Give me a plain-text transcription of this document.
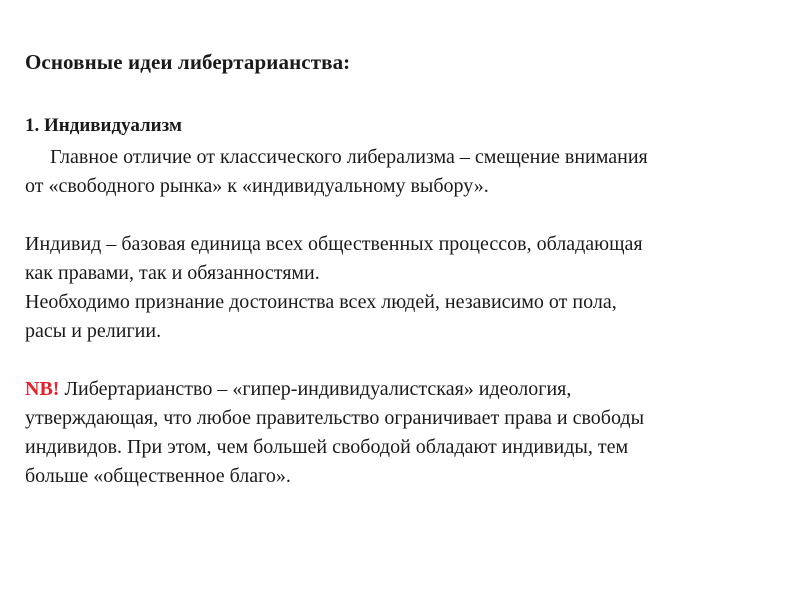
Основные идеи либертарианства:
1. Индивидуализм
Главное отличие от классического либерализма – смещение внимания
от «свободного рынка» к «индивидуальному выбору».
Индивид – базовая единица всех общественных процессов, обладающая
как правами, так и обязанностями.
Необходимо признание достоинства всех людей, независимо от пола,
расы и религии.
NB! Либертарианство – «гипер-индивидуалистская» идеология,
утверждающая, что любое правительство ограничивает права и свободы
индивидов. При этом, чем большей свободой обладают индивиды, тем
больше «общественное благо».
